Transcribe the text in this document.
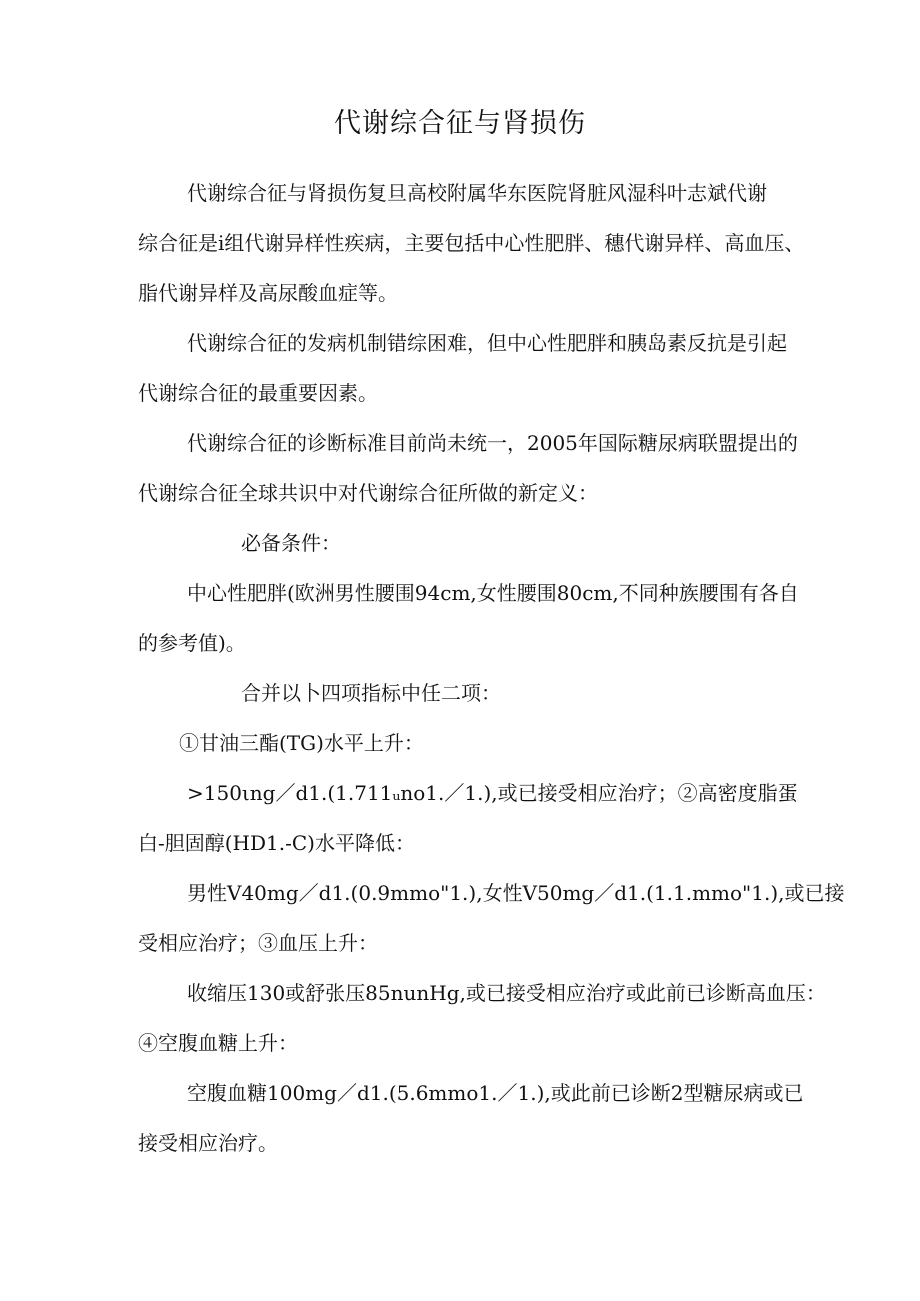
代谢综合征与肾损伤
代谢综合征与肾损伤复旦高校附属华东医院肾脏风湿科叶志斌代谢
综合征是i组代谢异样性疾病，主要包括中心性肥胖、穗代谢异样、高血压、
脂代谢异样及高尿酸血症等。
代谢综合征的发病机制错综困难，但中心性肥胖和胰岛素反抗是引起
代谢综合征的最重要因素。
代谢综合征的诊断标准目前尚未统一，2005年国际糖尿病联盟提出的
代谢综合征全球共识中对代谢综合征所做的新定义：
必备条件：
中心性肥胖(欧洲男性腰围94cm,女性腰围80cm,不同种族腰围有各自
的参考值)。
合并以卜四项指标中任二项：
①甘油三酯(TG)水平上升：
>150ιng／d1.(1.711ᵤno1.／1.),或已接受相应治疗；②高密度脂蛋
白-胆固醇(HD1.-C)水平降低：
男性V40mg／d1.(0.9mmo"1.),女性V50mg／d1.(1.1.mmo"1.),或已接
受相应治疗；③血压上升：
收缩压130或舒张压85nunHg,或已接受相应治疗或此前已诊断高血压：
④空腹血糖上升：
空腹血糖100mg／d1.(5.6mmo1.／1.),或此前已诊断2型糖尿病或已
接受相应治疗。
